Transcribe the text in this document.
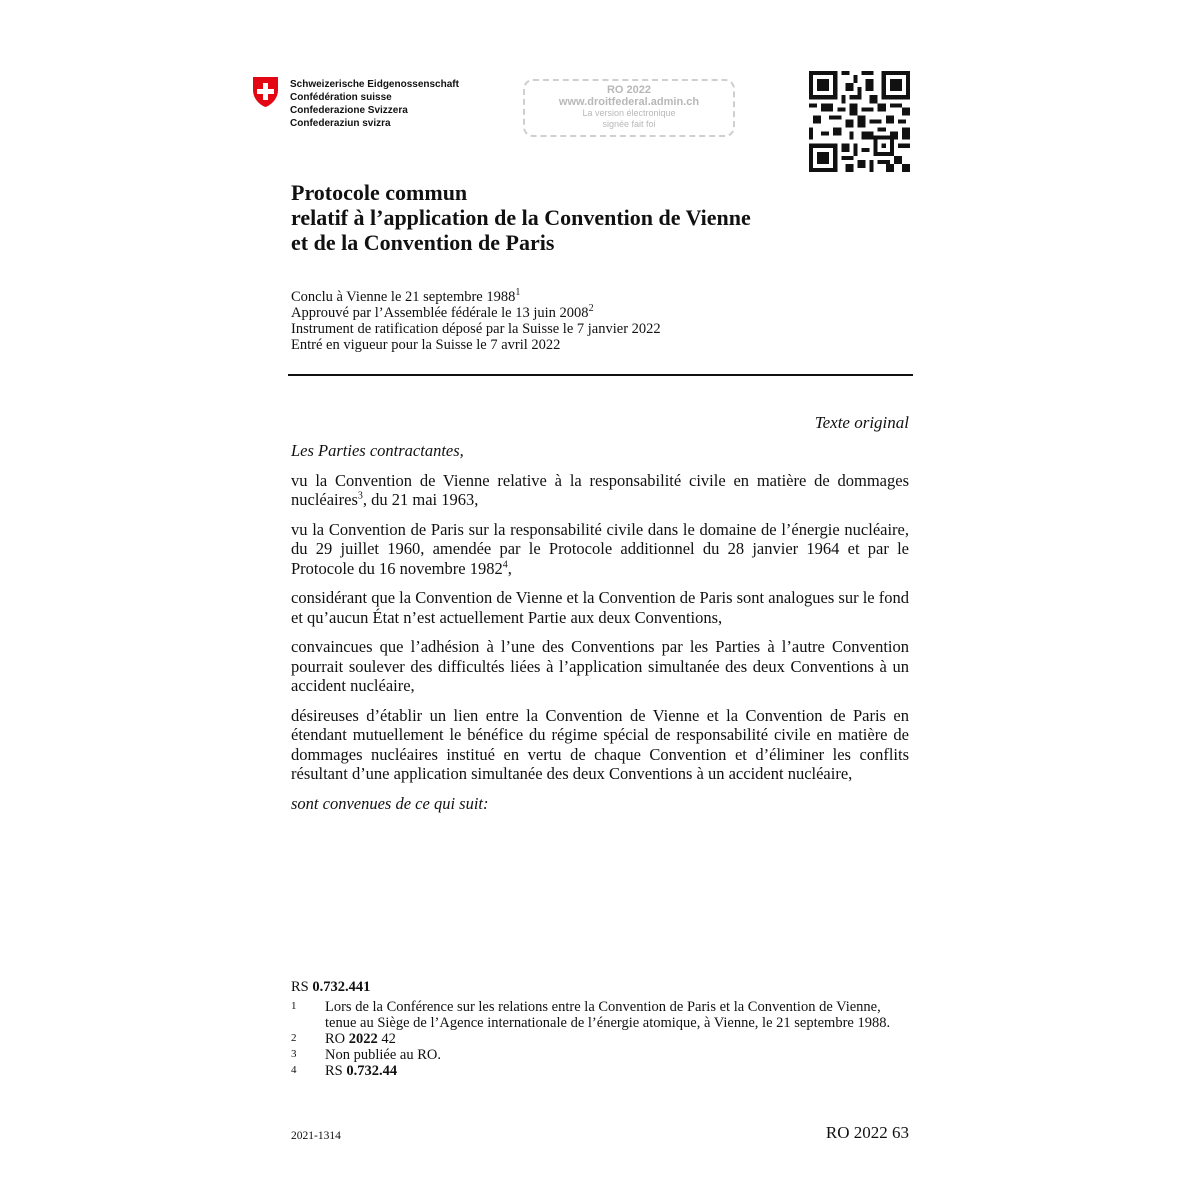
Schweizerische Eidgenossenschaft
Confédération suisse
Confederazione Svizzera
Confederaziun svizra
RO 2022
www.droitfederal.admin.ch
La version électronique
signée fait foi
Protocole commun
relatif à l’application de la Convention de Vienne
et de la Convention de Paris
Conclu à Vienne le 21 septembre 1988$^1$
Approuvé par l’Assemblée fédérale le 13 juin 2008$^2$
Instrument de ratification déposé par la Suisse le 7 janvier 2022
Entré en vigueur pour la Suisse le 7 avril 2022
Texte original

Les Parties contractantes,

vu la Convention de Vienne relative à la responsabilité civile en matière de dommages nucléaires$^3$, du 21 mai 1963,

vu la Convention de Paris sur la responsabilité civile dans le domaine de l’énergie nucléaire, du 29 juillet 1960, amendée par le Protocole additionnel du 28 janvier 1964 et par le Protocole du 16 novembre 1982$^4$,

considérant que la Convention de Vienne et la Convention de Paris sont analogues sur le fond et qu’aucun État n’est actuellement Partie aux deux Conventions,

convaincues que l’adhésion à l’une des Conventions par les Parties à l’autre Convention pourrait soulever des difficultés liées à l’application simultanée des deux Conventions à un accident nucléaire,

désireuses d’établir un lien entre la Convention de Vienne et la Convention de Paris en étendant mutuellement le bénéfice du régime spécial de responsabilité civile en matière de dommages nucléaires institué en vertu de chaque Convention et d’éliminer les conflits résultant d’une application simultanée des deux Conventions à un accident nucléaire,

sont convenues de ce qui suit:

RS 0.732.441
1	Lors de la Conférence sur les relations entre la Convention de Paris et la Convention de Vienne, tenue au Siège de l’Agence internationale de l’énergie atomique, à Vienne, le 21 septembre 1988.
2	RO 2022 42
3	Non publiée au RO.
4	RS 0.732.44
2021-1314	RO 2022 63
